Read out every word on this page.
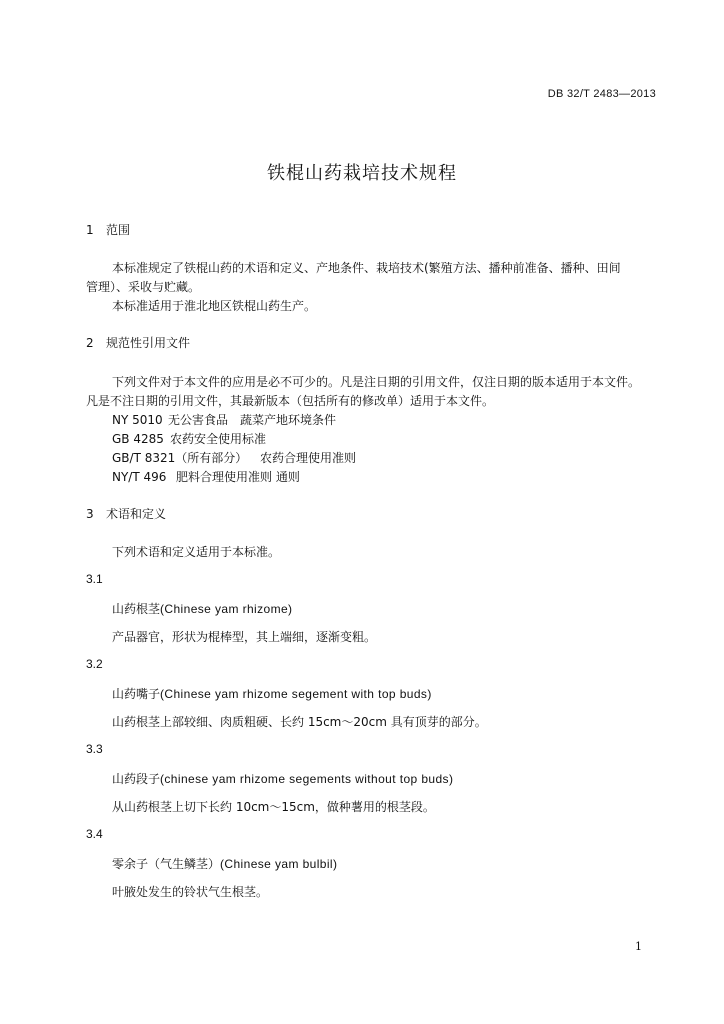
DB 32/T 2483—2013
铁棍山药栽培技术规程
1 范围
本标准规定了铁棍山药的术语和定义、产地条件、栽培技术(繁殖方法、播种前准备、播种、田间
管理）、采收与贮藏。
本标准适用于淮北地区铁棍山药生产。
2 规范性引用文件
下列文件对于本文件的应用是必不可少的。凡是注日期的引用文件，仅注日期的版本适用于本文件。
凡是不注日期的引用文件，其最新版本（包括所有的修改单）适用于本文件。
NY 5010 无公害食品　蔬菜产地环境条件
GB 4285 农药安全使用标准
GB/T 8321（所有部分） 农药合理使用准则
NY/T 496 肥料合理使用准则 通则
3 术语和定义
下列术语和定义适用于本标准。
3.1
山药根茎(Chinese yam rhizome)
产品器官，形状为棍棒型，其上端细，逐渐变粗。
3.2
山药嘴子(Chinese yam rhizome segement with top buds)
山药根茎上部较细、肉质粗硬、长约 15cm～20cm 具有顶芽的部分。
3.3
山药段子(chinese yam rhizome segements without top buds)
从山药根茎上切下长约 10cm～15cm，做种薯用的根茎段。
3.4
零余子（气生鳞茎）(Chinese yam bulbil)
叶腋处发生的铃状气生根茎。
1
